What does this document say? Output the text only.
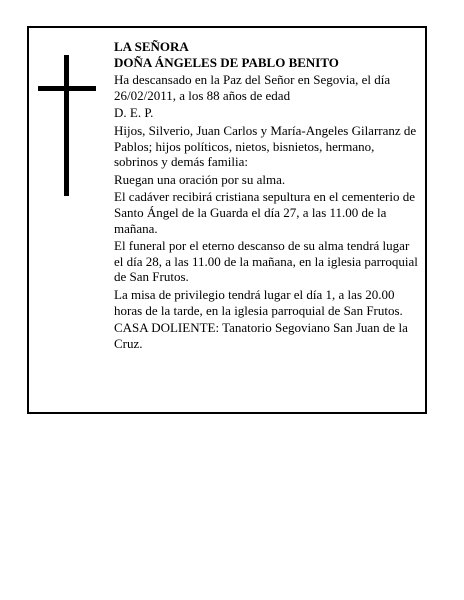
LA SEÑORA

DOÑA ÁNGELES DE PABLO BENITO

Ha descansado en la Paz del Señor en Segovia, el día 26/02/2011, a los 88 años de edad

D. E. P.

Hijos, Silverio, Juan Carlos y María-Angeles Gilarranz de Pablos; hijos políticos, nietos, bisnietos, hermano, sobrinos y demás familia:

Ruegan una oración por su alma.

El cadáver recibirá cristiana sepultura en el cementerio de Santo Ángel de la Guarda el día 27, a las 11.00 de la mañana.

El funeral por el eterno descanso de su alma tendrá lugar el día 28, a las 11.00 de la mañana, en la iglesia parroquial de San Frutos.

La misa de privilegio tendrá lugar el día 1, a las 20.00 horas de la tarde, en la iglesia parroquial de San Frutos.

CASA DOLIENTE: Tanatorio Segoviano San Juan de la Cruz.
